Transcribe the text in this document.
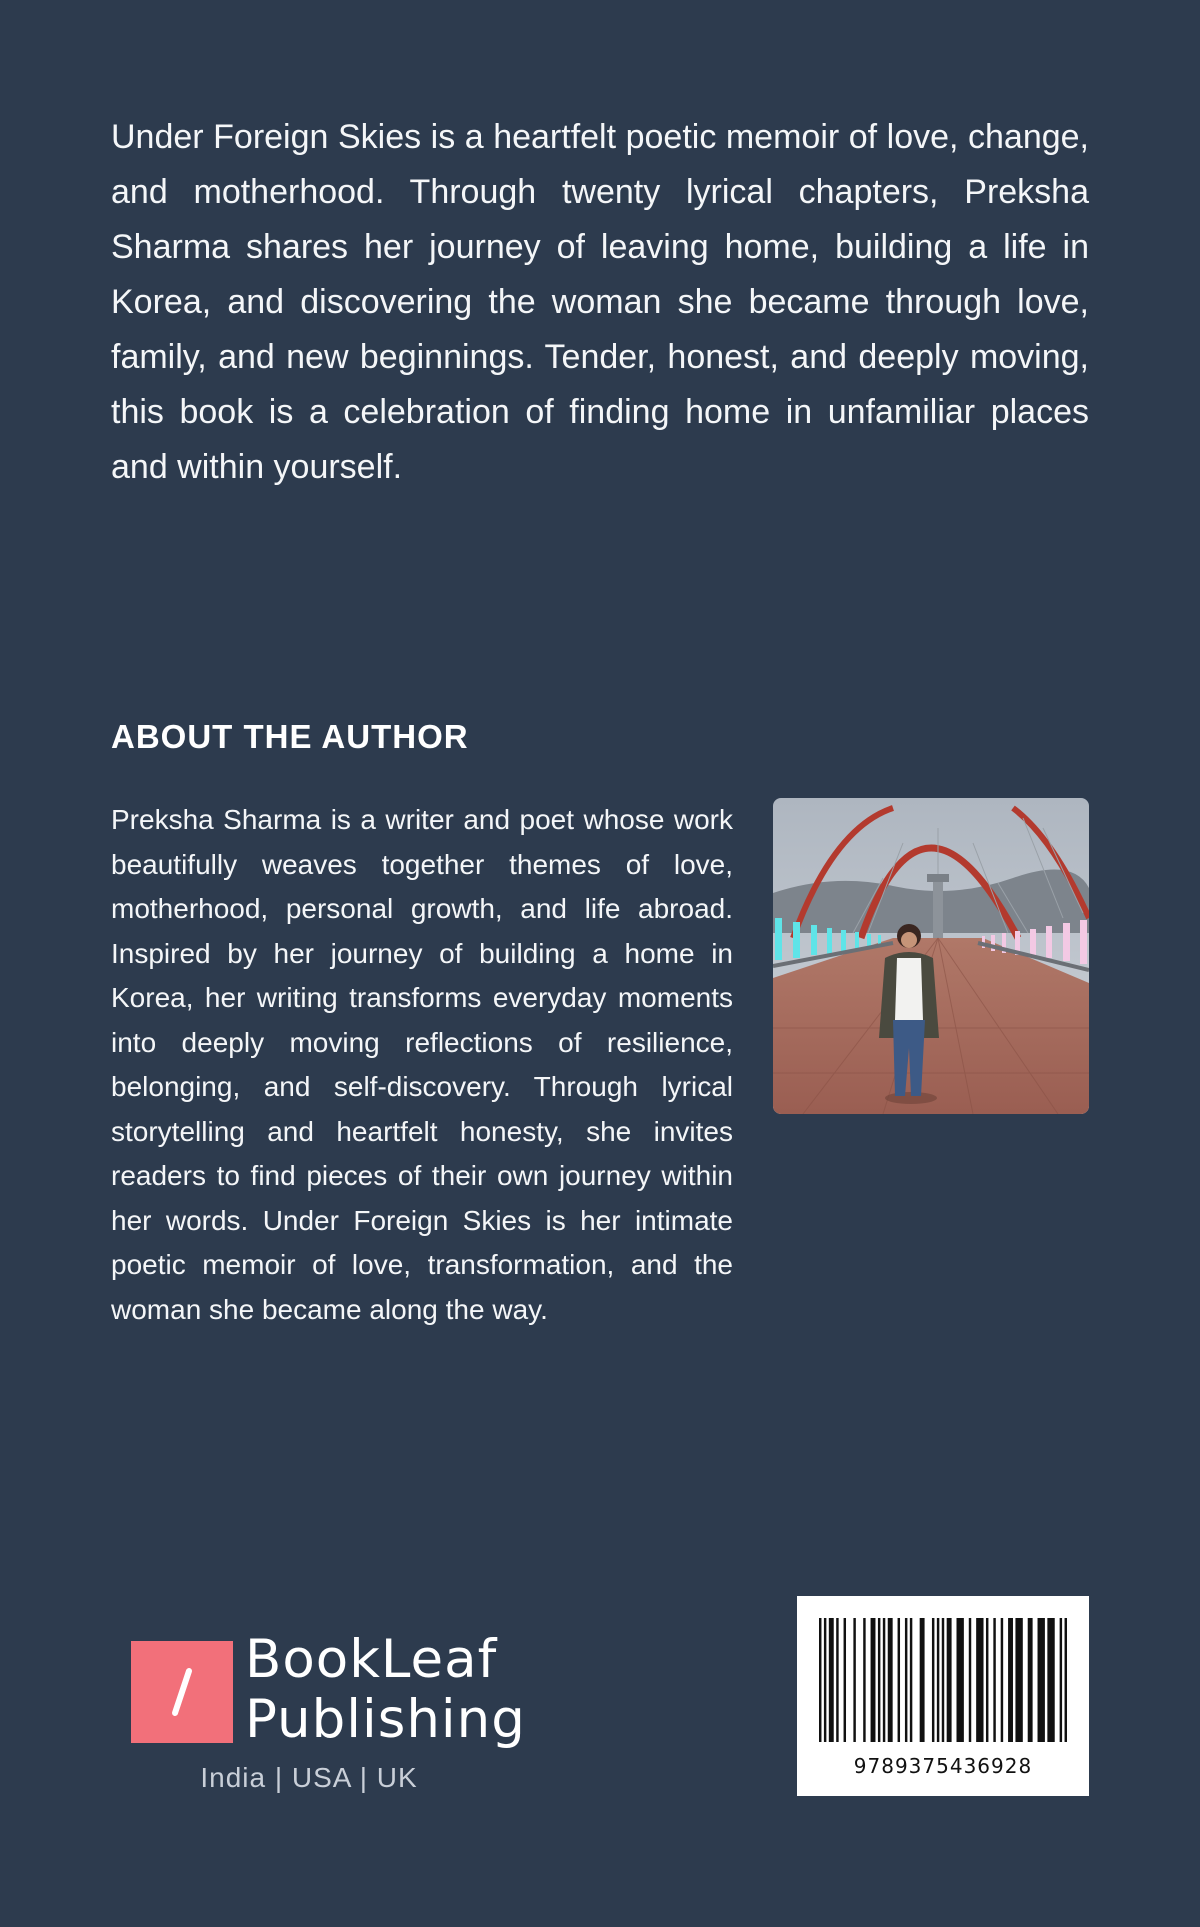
Under Foreign Skies is a heartfelt poetic memoir of love, change, and motherhood. Through twenty lyrical chapters, Preksha Sharma shares her journey of leaving home, building a life in Korea, and discovering the woman she became through love, family, and new beginnings. Tender, honest, and deeply moving, this book is a celebration of finding home in unfamiliar places and within yourself.

ABOUT THE AUTHOR

Preksha Sharma is a writer and poet whose work beautifully weaves together themes of love, motherhood, personal growth, and life abroad. Inspired by her journey of building a home in Korea, her writing transforms everyday moments into deeply moving reflections of resilience, belonging, and self-discovery. Through lyrical storytelling and heartfelt honesty, she invites readers to find pieces of their own journey within her words. Under Foreign Skies is her intimate poetic memoir of love, transformation, and the woman she became along the way.

BookLeaf

Publishing

India | USA | UK	9789375436928
